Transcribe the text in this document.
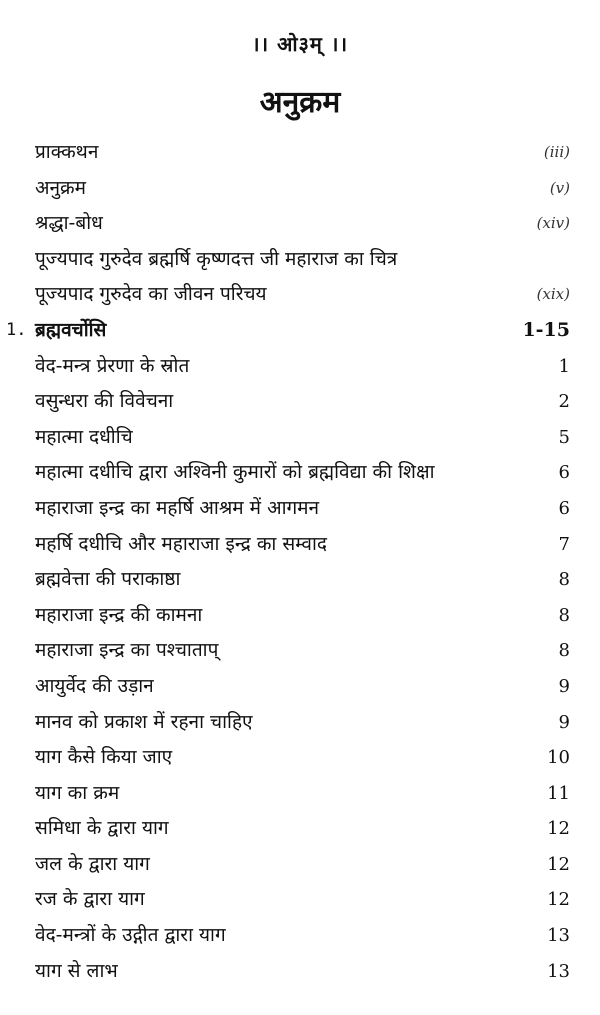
।। ओ३म् ।।
अनुक्रम
प्राक्कथन	(iii)
अनुक्रम	(v)
श्रद्धा-बोध	(xiv)
पूज्यपाद गुरुदेव ब्रह्मर्षि कृष्णदत्त जी महाराज का चित्र
पूज्यपाद गुरुदेव का जीवन परिचय	(xix)
1. ब्रह्मवर्चोसि	1-15
वेद-मन्त्र प्रेरणा के स्रोत	1
वसुन्धरा की विवेचना	2
महात्मा दधीचि	5
महात्मा दधीचि द्वारा अश्विनी कुमारों को ब्रह्मविद्या की शिक्षा	6
महाराजा इन्द्र का महर्षि आश्रम में आगमन	6
महर्षि दधीचि और महाराजा इन्द्र का सम्वाद	7
ब्रह्मवेत्ता की पराकाष्ठा	8
महाराजा इन्द्र की कामना	8
महाराजा इन्द्र का पश्चाताप्	8
आयुर्वेद की उड़ान	9
मानव को प्रकाश में रहना चाहिए	9
याग कैसे किया जाए	10
याग का क्रम	11
समिधा के द्वारा याग	12
जल के द्वारा याग	12
रज के द्वारा याग	12
वेद-मन्त्रों के उद्गीत द्वारा याग	13
याग से लाभ	13
